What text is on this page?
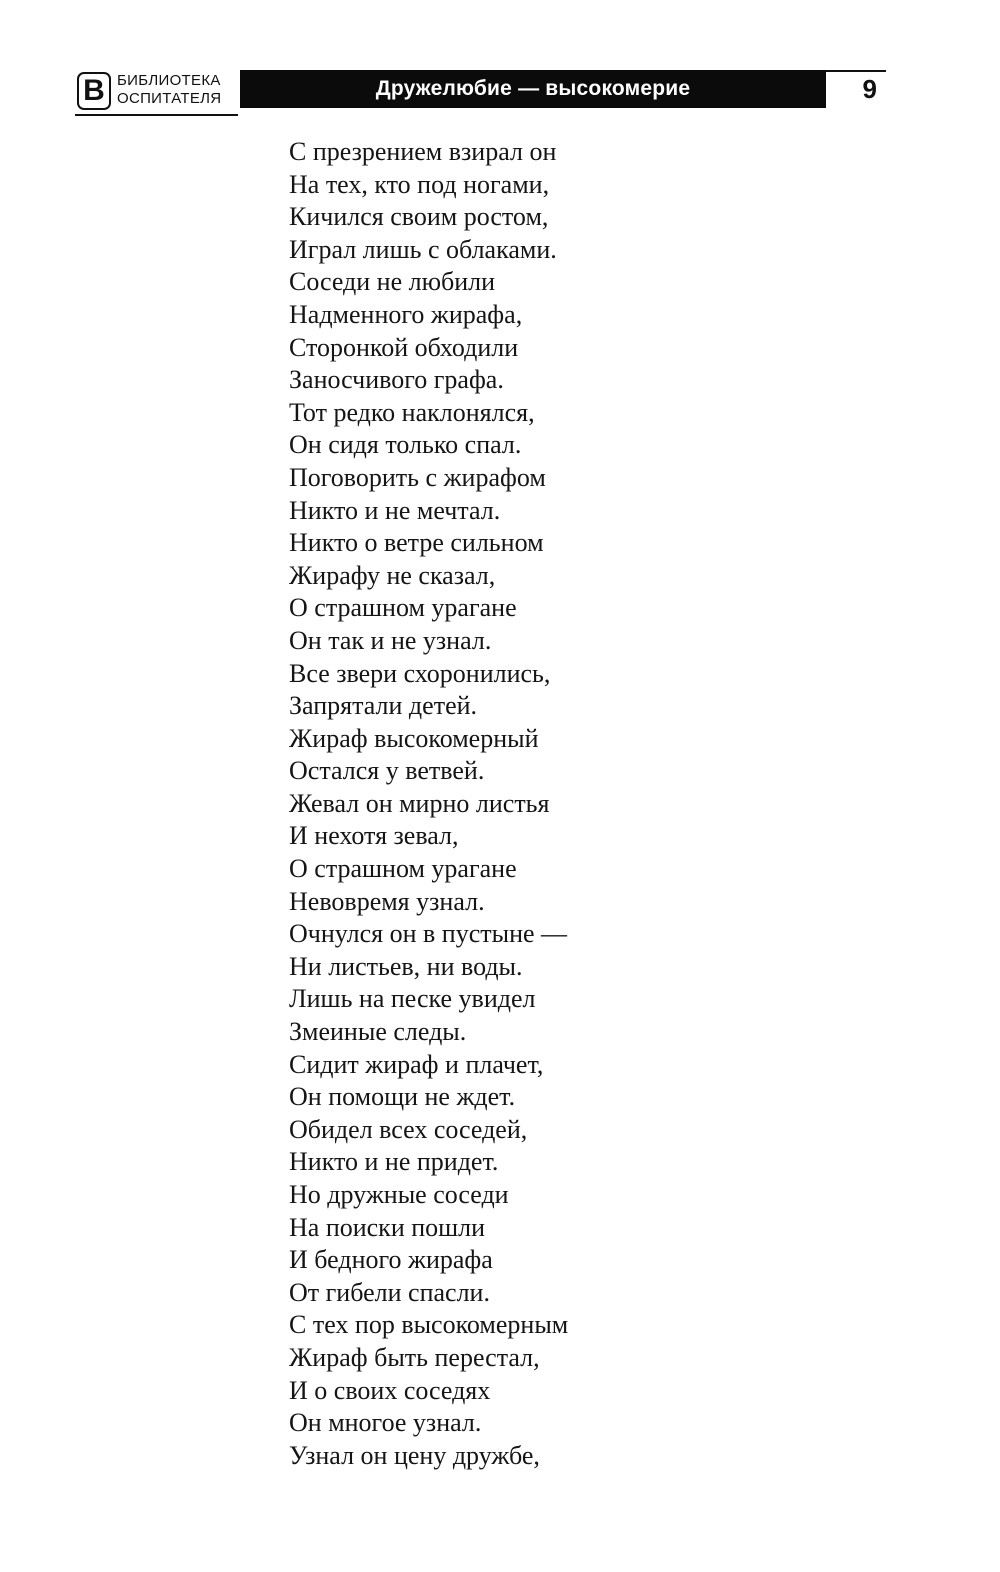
В БИБЛИОТЕКА
ОСПИТАТЕЛЯ	Дружелюбие — высокомерие	9
С презрением взирал он
На тех, кто под ногами,
Кичился своим ростом,
Играл лишь с облаками.
Соседи не любили
Надменного жирафа,
Сторонкой обходили
Заносчивого графа.
Тот редко наклонялся,
Он сидя только спал.
Поговорить с жирафом
Никто и не мечтал.
Никто о ветре сильном
Жирафу не сказал,
О страшном урагане
Он так и не узнал.
Все звери схоронились,
Запрятали детей.
Жираф высокомерный
Остался у ветвей.
Жевал он мирно листья
И нехотя зевал,
О страшном урагане
Невовремя узнал.
Очнулся он в пустыне —
Ни листьев, ни воды.
Лишь на песке увидел
Змеиные следы.
Сидит жираф и плачет,
Он помощи не ждет.
Обидел всех соседей,
Никто и не придет.
Но дружные соседи
На поиски пошли
И бедного жирафа
От гибели спасли.
С тех пор высокомерным
Жираф быть перестал,
И о своих соседях
Он многое узнал.
Узнал он цену дружбе,
